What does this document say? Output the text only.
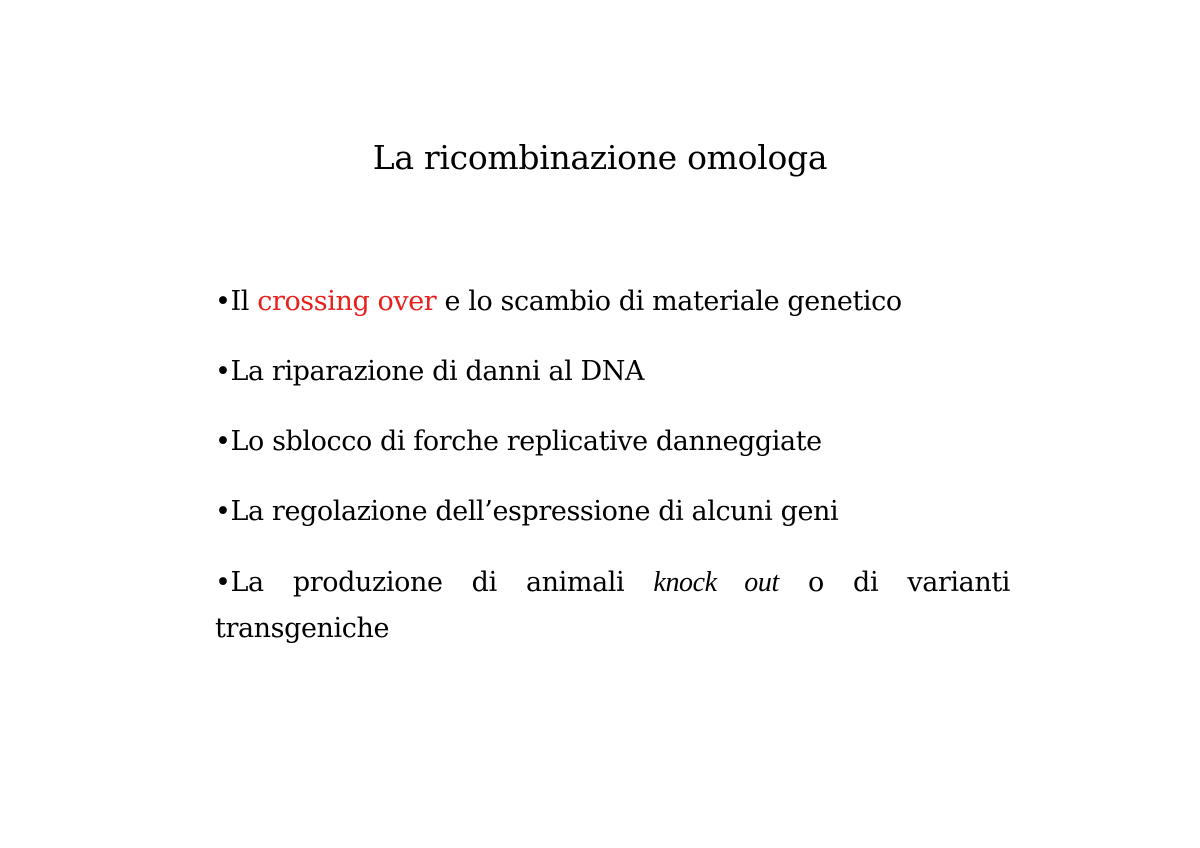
La ricombinazione omologa
•Il crossing over e lo scambio di materiale genetico
•La riparazione di danni al DNA
•Lo sblocco di forche replicative danneggiate
•La regolazione dell’espressione di alcuni geni
•La produzione di animali knock out o di varianti transgeniche
